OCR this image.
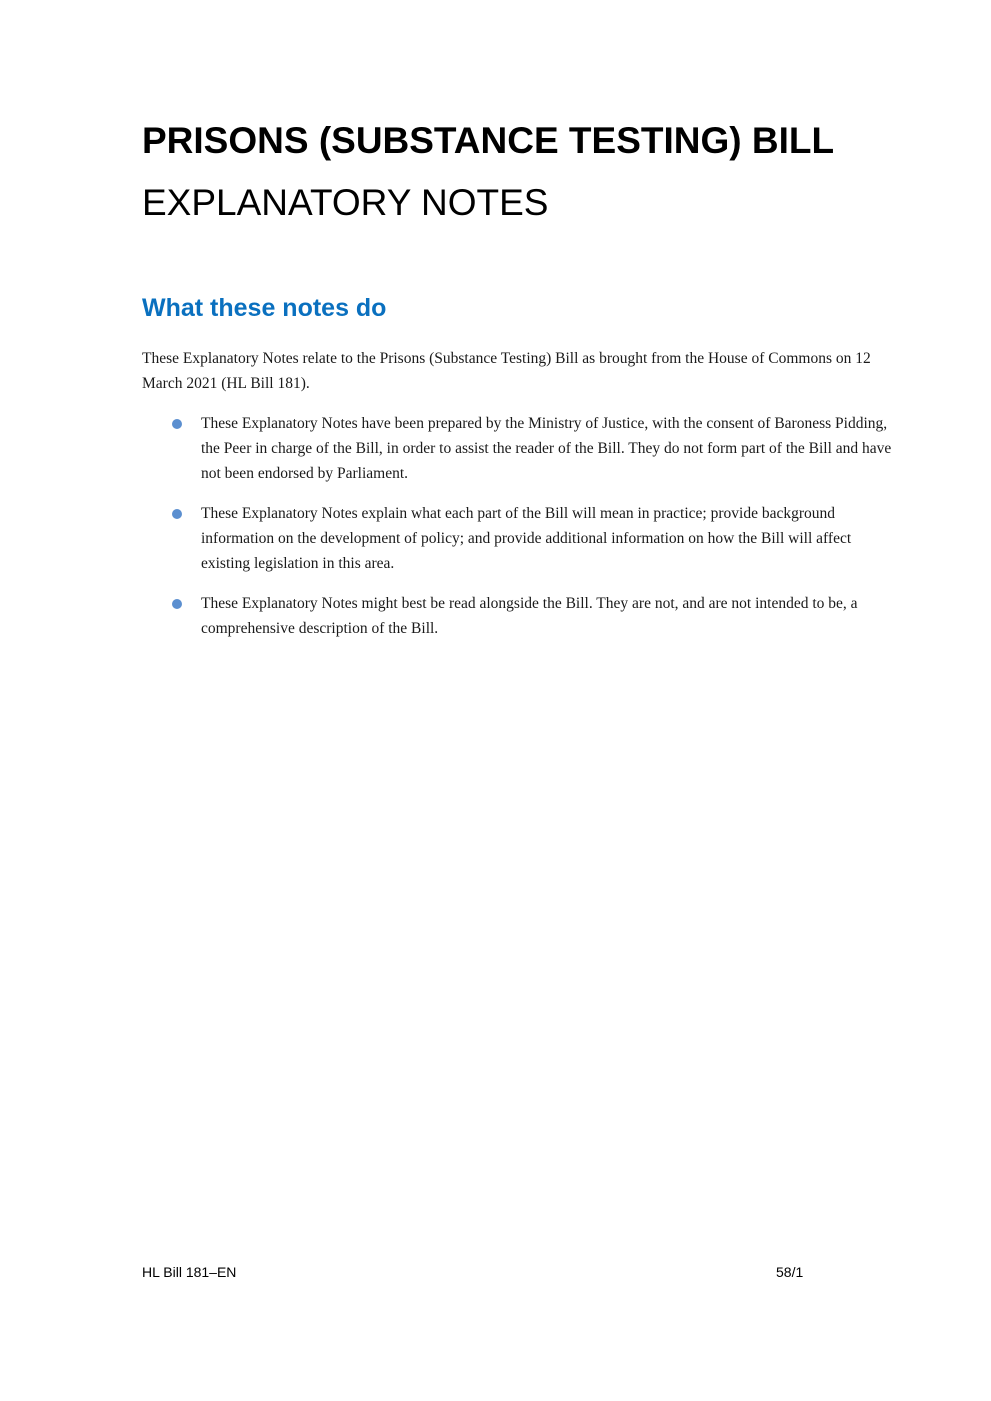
PRISONS (SUBSTANCE TESTING) BILL
EXPLANATORY NOTES
What these notes do

These Explanatory Notes relate to the Prisons (Substance Testing) Bill as brought from the House of Commons on 12 March 2021 (HL Bill 181).

These Explanatory Notes have been prepared by the Ministry of Justice, with the consent of Baroness Pidding, the Peer in charge of the Bill, in order to assist the reader of the Bill. They do not form part of the Bill and have not been endorsed by Parliament.
These Explanatory Notes explain what each part of the Bill will mean in practice; provide background information on the development of policy; and provide additional information on how the Bill will affect existing legislation in this area.
These Explanatory Notes might best be read alongside the Bill. They are not, and are not intended to be, a comprehensive description of the Bill.

HL Bill 181–EN	58/1
